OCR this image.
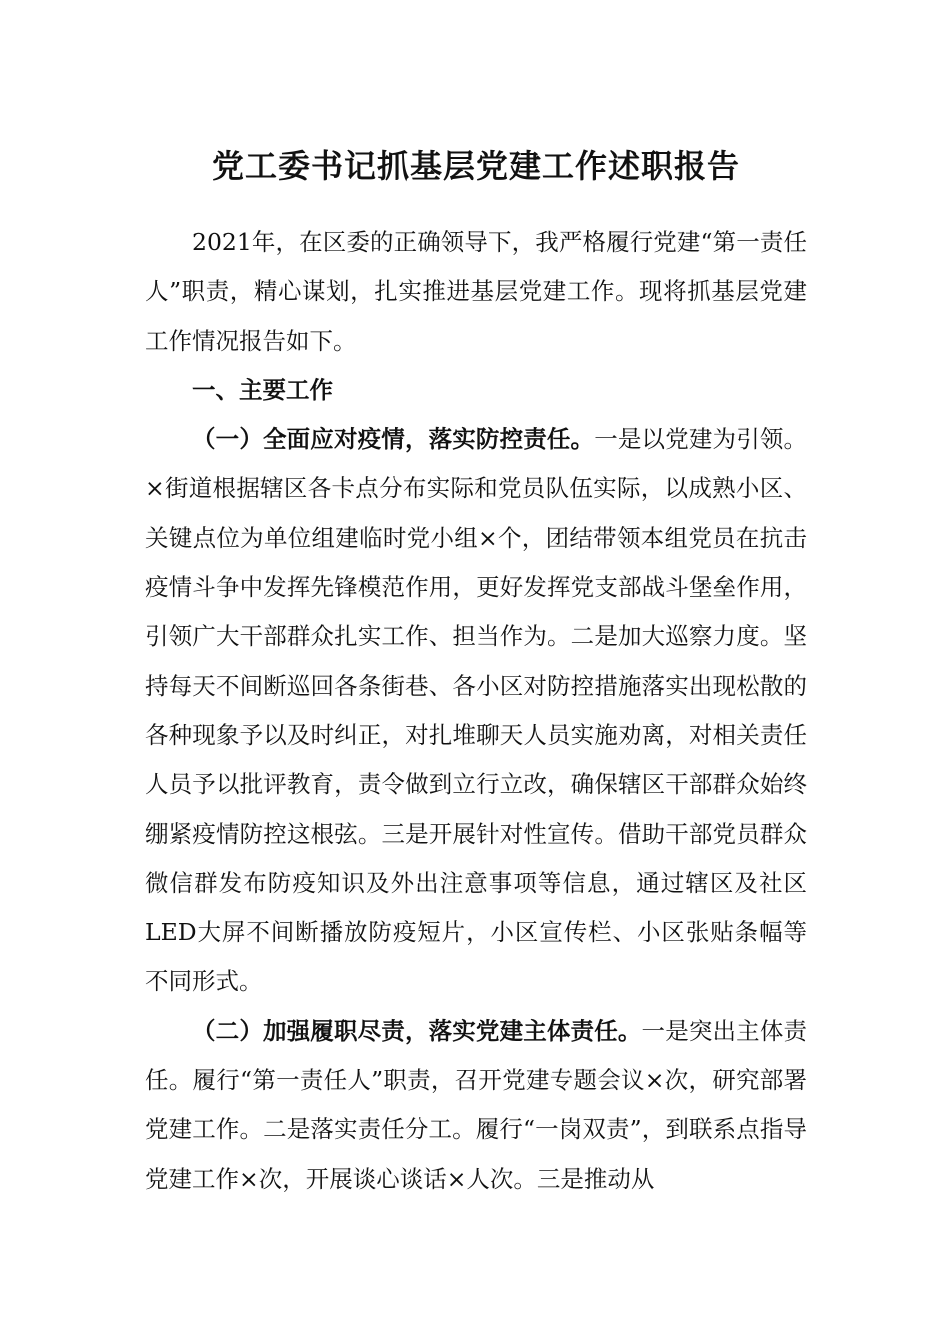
党工委书记抓基层党建工作述职报告

2021年，在区委的正确领导下，我严格履行党建“第一责任人”职责，精心谋划，扎实推进基层党建工作。现将抓基层党建工作情况报告如下。

一、主要工作

（一）全面应对疫情，落实防控责任。一是以党建为引领。×街道根据辖区各卡点分布实际和党员队伍实际，以成熟小区、关键点位为单位组建临时党小组×个，团结带领本组党员在抗击疫情斗争中发挥先锋模范作用，更好发挥党支部战斗堡垒作用，引领广大干部群众扎实工作、担当作为。二是加大巡察力度。坚持每天不间断巡回各条街巷、各小区对防控措施落实出现松散的各种现象予以及时纠正，对扎堆聊天人员实施劝离，对相关责任人员予以批评教育，责令做到立行立改，确保辖区干部群众始终绷紧疫情防控这根弦。三是开展针对性宣传。借助干部党员群众微信群发布防疫知识及外出注意事项等信息，通过辖区及社区LED大屏不间断播放防疫短片，小区宣传栏、小区张贴条幅等不同形式。

（二）加强履职尽责，落实党建主体责任。一是突出主体责任。履行“第一责任人”职责，召开党建专题会议×次，研究部署党建工作。二是落实责任分工。履行“一岗双责”，到联系点指导党建工作×次，开展谈心谈话×人次。三是推动从
